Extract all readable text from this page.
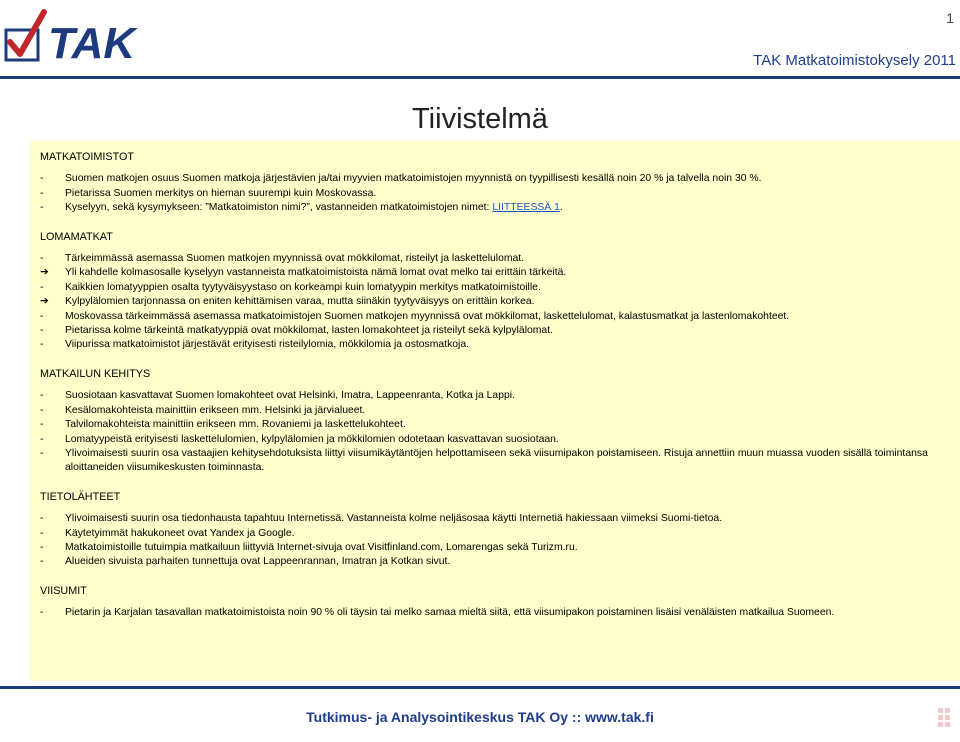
TAK
1
TAK Matkatoimistokysely 2011
Tiivistelmä
MATKATOIMISTOT
-	Suomen matkojen osuus Suomen matkoja järjestävien ja/tai myyvien matkatoimistojen myynnistä on tyypillisesti kesällä noin 20 % ja talvella noin 30 %.
-	Pietarissa Suomen merkitys on hieman suurempi kuin Moskovassa.
-	Kyselyyn, sekä kysymykseen: ”Matkatoimiston nimi?”, vastanneiden matkatoimistojen nimet: LIITTEESSÄ 1.
LOMAMATKAT
-	Tärkeimmässä asemassa Suomen matkojen myynnissä ovat mökkilomat, risteilyt ja laskettelulomat.
➔	Yli kahdelle kolmasosalle kyselyyn vastanneista matkatoimistoista nämä lomat ovat melko tai erittäin tärkeitä.
-	Kaikkien lomatyyppien osalta tyytyväisyystaso on korkeampi kuin lomatyypin merkitys matkatoimistoille.
➔	Kylpylälomien tarjonnassa on eniten kehittämisen varaa, mutta siinäkin tyytyväisyys on erittäin korkea.
-	Moskovassa tärkeimmässä asemassa matkatoimistojen Suomen matkojen myynnissä ovat mökkilomat, laskettelulomat, kalastusmatkat ja lastenlomakohteet.
-	Pietarissa kolme tärkeintä matkatyyppiä ovat mökkilomat, lasten lomakohteet ja risteilyt sekä kylpylälomat.
-	Viipurissa matkatoimistot järjestävät erityisesti risteilylomia, mökkilomia ja ostosmatkoja.
MATKAILUN KEHITYS
-	Suosiotaan kasvattavat Suomen lomakohteet ovat Helsinki, Imatra, Lappeenranta, Kotka ja Lappi.
-	Kesälomakohteista mainittiin erikseen mm. Helsinki ja järvialueet.
-	Talvilomakohteista mainittiin erikseen mm. Rovaniemi ja laskettelukohteet.
-	Lomatyypeistä erityisesti laskettelulomien, kylpylälomien ja mökkilomien odotetaan kasvattavan suosiotaan.
-	Ylivoimaisesti suurin osa vastaajien kehitysehdotuksista liittyi viisumikäytäntöjen helpottamiseen sekä viisumipakon poistamiseen. Risuja annettiin muun muassa vuoden sisällä toimintansa aloittaneiden viisumikeskusten toiminnasta.
TIETOLÄHTEET
-	Ylivoimaisesti suurin osa tiedonhausta tapahtuu Internetissä. Vastanneista kolme neljäsosaa käytti Internetiä hakiessaan viimeksi Suomi-tietoa.
-	Käytetyimmät hakukoneet ovat Yandex ja Google.
-	Matkatoimistoille tutuimpia matkailuun liittyviä Internet-sivuja ovat Visitfinland.com, Lomarengas sekä Turizm.ru.
-	Alueiden sivuista parhaiten tunnettuja ovat Lappeenrannan, Imatran ja Kotkan sivut.
VIISUMIT
-	Pietarin ja Karjalan tasavallan matkatoimistoista noin 90 % oli täysin tai melko samaa mieltä siitä, että viisumipakon poistaminen lisäisi venäläisten matkailua Suomeen.
Tutkimus- ja Analysointikeskus TAK Oy :: www.tak.fi
